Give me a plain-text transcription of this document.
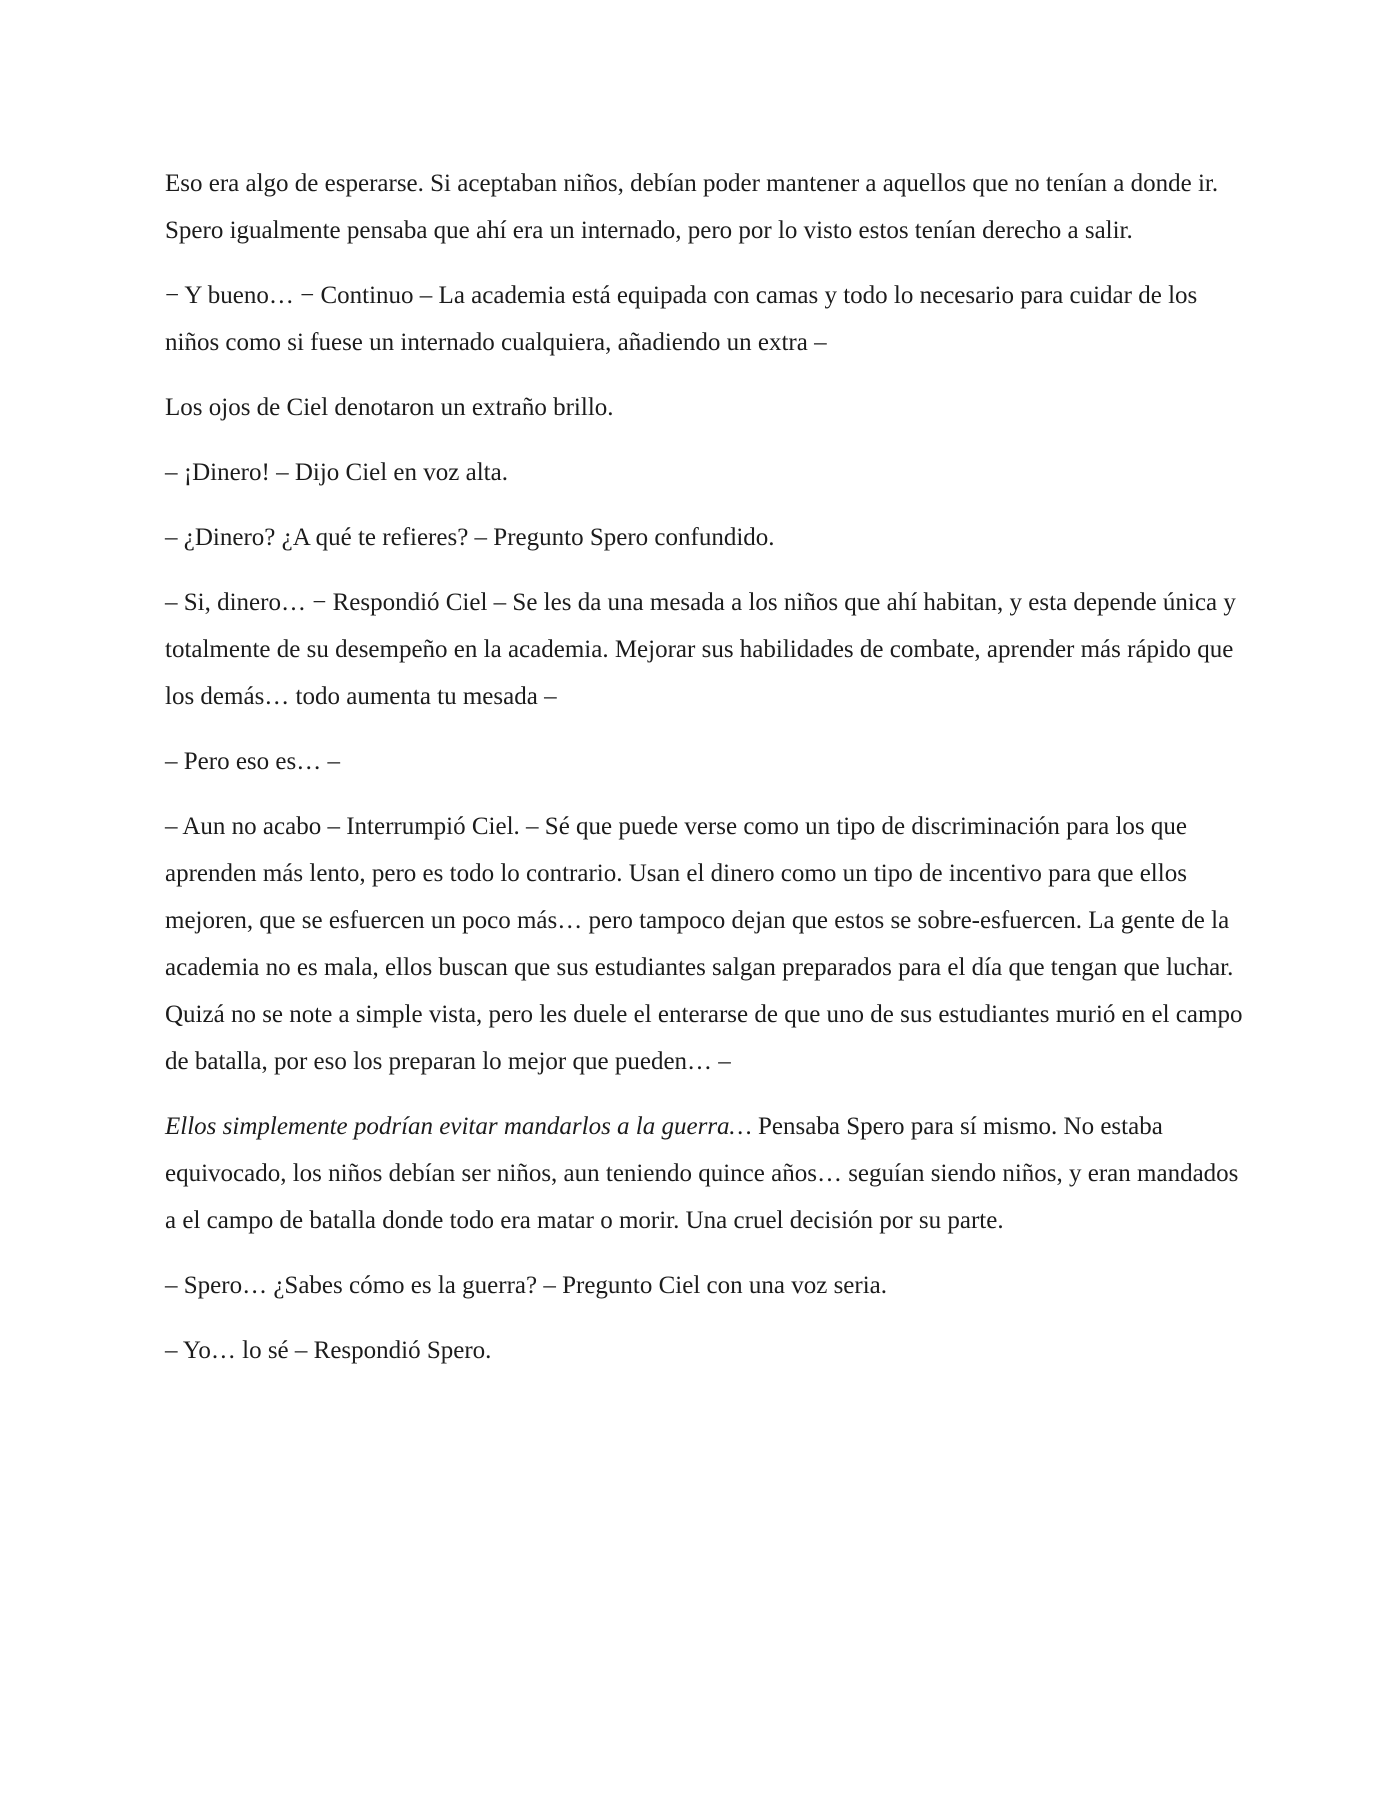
Eso era algo de esperarse. Si aceptaban niños, debían poder mantener a aquellos que no tenían a donde ir. Spero igualmente pensaba que ahí era un internado, pero por lo visto estos tenían derecho a salir.

− Y bueno… − Continuo – La academia está equipada con camas y todo lo necesario para cuidar de los niños como si fuese un internado cualquiera, añadiendo un extra –

Los ojos de Ciel denotaron un extraño brillo.

– ¡Dinero! – Dijo Ciel en voz alta.

– ¿Dinero? ¿A qué te refieres? – Pregunto Spero confundido.

– Si, dinero… − Respondió Ciel – Se les da una mesada a los niños que ahí habitan, y esta depende única y totalmente de su desempeño en la academia. Mejorar sus habilidades de combate, aprender más rápido que los demás… todo aumenta tu mesada –

– Pero eso es… –

– Aun no acabo – Interrumpió Ciel. – Sé que puede verse como un tipo de discriminación para los que aprenden más lento, pero es todo lo contrario. Usan el dinero como un tipo de incentivo para que ellos mejoren, que se esfuercen un poco más… pero tampoco dejan que estos se sobre-esfuercen. La gente de la academia no es mala, ellos buscan que sus estudiantes salgan preparados para el día que tengan que luchar. Quizá no se note a simple vista, pero les duele el enterarse de que uno de sus estudiantes murió en el campo de batalla, por eso los preparan lo mejor que pueden… –

Ellos simplemente podrían evitar mandarlos a la guerra… Pensaba Spero para sí mismo. No estaba equivocado, los niños debían ser niños, aun teniendo quince años… seguían siendo niños, y eran mandados a el campo de batalla donde todo era matar o morir. Una cruel decisión por su parte.

– Spero… ¿Sabes cómo es la guerra? – Pregunto Ciel con una voz seria.

– Yo… lo sé – Respondió Spero.
